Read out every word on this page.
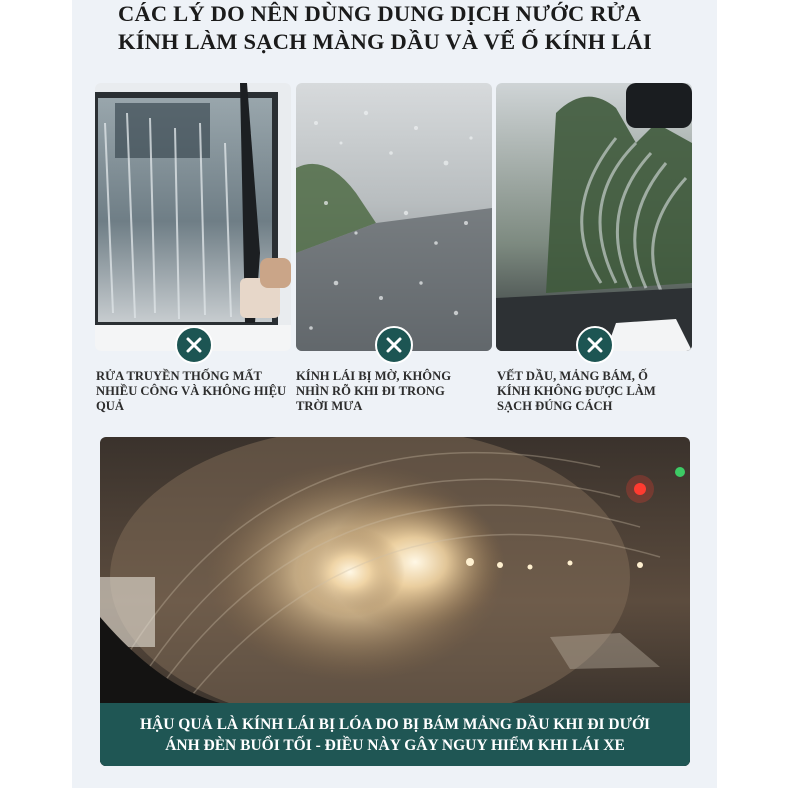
CÁC LÝ DO NÊN DÙNG DUNG DỊCH NƯỚC RỬA
KÍNH LÀM SẠCH MÀNG DẦU VÀ VẾ Ố KÍNH LÁI
RỬA TRUYỀN THỐNG MẤT NHIỀU CÔNG VÀ KHÔNG HIỆU QUẢ
KÍNH LÁI BỊ MỜ, KHÔNG NHÌN RÕ KHI ĐI TRONG TRỜI MƯA
VẾT DẦU, MẢNG BÁM, Ố KÍNH KHÔNG ĐƯỢC LÀM SẠCH ĐÚNG CÁCH
HẬU QUẢ LÀ KÍNH LÁI BỊ LÓA DO BỊ BÁM MẢNG DẦU KHI ĐI DƯỚI
ÁNH ĐÈN BUỔI TỐI - ĐIỀU NÀY GÂY NGUY HIỂM KHI LÁI XE
